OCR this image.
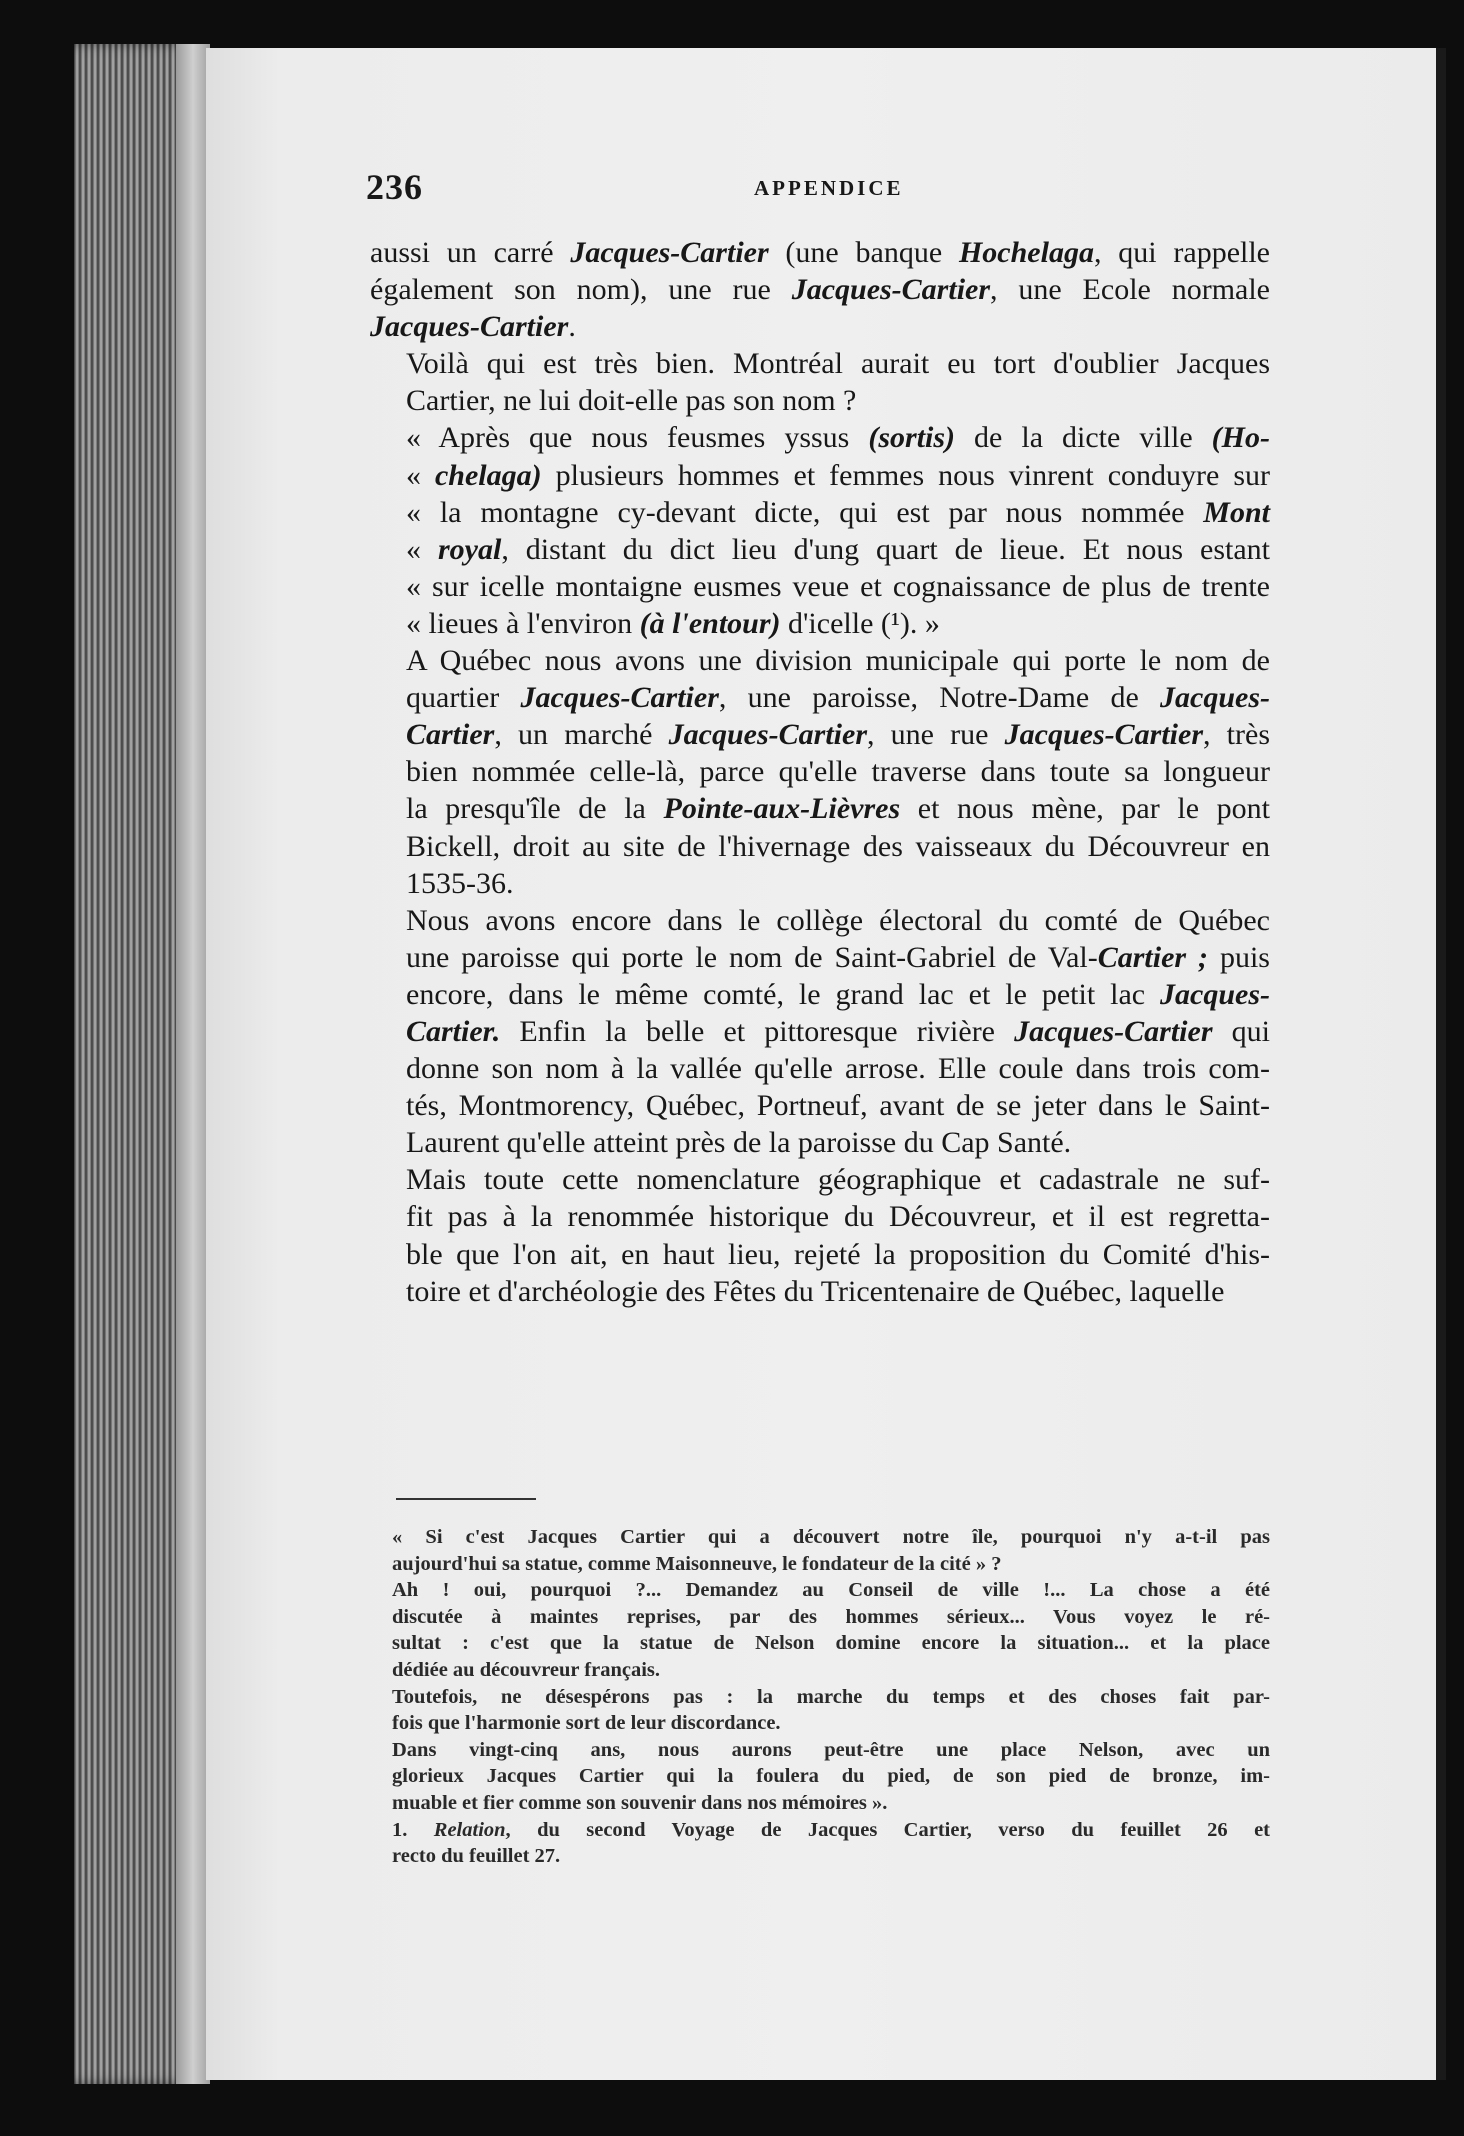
236	APPENDICE

aussi un carré Jacques-Cartier (une banque Hochelaga, qui rappelle
également son nom), une rue Jacques-Cartier, une Ecole normale
Jacques-Cartier.

Voilà qui est très bien. Montréal aurait eu tort d'oublier Jacques
Cartier, ne lui doit-elle pas son nom ?

« Après que nous feusmes yssus (sortis) de la dicte ville (Ho-
« chelaga) plusieurs hommes et femmes nous vinrent conduyre sur
« la montagne cy-devant dicte, qui est par nous nommée Mont
« royal, distant du dict lieu d'ung quart de lieue. Et nous estant
« sur icelle montaigne eusmes veue et cognaissance de plus de trente
« lieues à l'environ (à l'entour) d'icelle (¹). »

A Québec nous avons une division municipale qui porte le nom de
quartier Jacques-Cartier, une paroisse, Notre-Dame de Jacques-
Cartier, un marché Jacques-Cartier, une rue Jacques-Cartier, très
bien nommée celle-là, parce qu'elle traverse dans toute sa longueur
la presqu'île de la Pointe-aux-Lièvres et nous mène, par le pont
Bickell, droit au site de l'hivernage des vaisseaux du Découvreur en
1535-36.

Nous avons encore dans le collège électoral du comté de Québec
une paroisse qui porte le nom de Saint-Gabriel de Val-Cartier ; puis
encore, dans le même comté, le grand lac et le petit lac Jacques-
Cartier. Enfin la belle et pittoresque rivière Jacques-Cartier qui
donne son nom à la vallée qu'elle arrose. Elle coule dans trois com-
tés, Montmorency, Québec, Portneuf, avant de se jeter dans le Saint-
Laurent qu'elle atteint près de la paroisse du Cap Santé.

Mais toute cette nomenclature géographique et cadastrale ne suf-
fit pas à la renommée historique du Découvreur, et il est regretta-
ble que l'on ait, en haut lieu, rejeté la proposition du Comité d'his-
toire et d'archéologie des Fêtes du Tricentenaire de Québec, laquelle

« Si c'est Jacques Cartier qui a découvert notre île, pourquoi n'y a-t-il pas
aujourd'hui sa statue, comme Maisonneuve, le fondateur de la cité » ?

Ah ! oui, pourquoi ?... Demandez au Conseil de ville !... La chose a été
discutée à maintes reprises, par des hommes sérieux... Vous voyez le ré-
sultat : c'est que la statue de Nelson domine encore la situation... et la place
dédiée au découvreur français.

Toutefois, ne désespérons pas : la marche du temps et des choses fait par-
fois que l'harmonie sort de leur discordance.

Dans vingt-cinq ans, nous aurons peut-être une place Nelson, avec un
glorieux Jacques Cartier qui la foulera du pied, de son pied de bronze, im-
muable et fier comme son souvenir dans nos mémoires ».

1. Relation, du second Voyage de Jacques Cartier, verso du feuillet 26 et
recto du feuillet 27.
